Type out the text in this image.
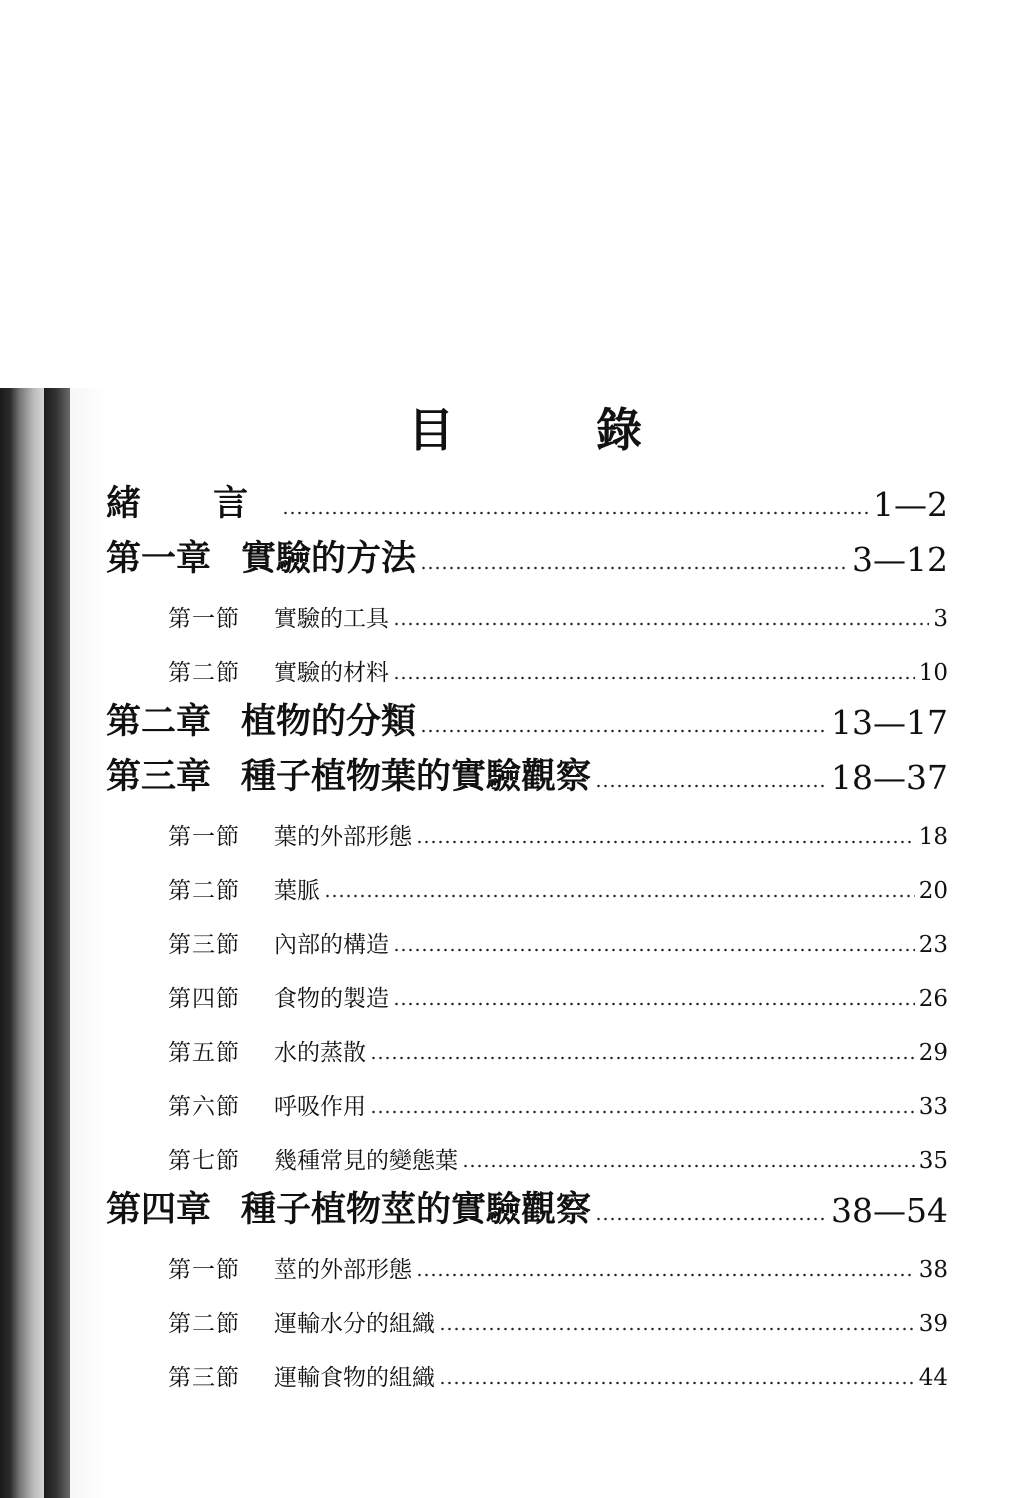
目	錄
緒 言	1—2
第一章 實驗的方法	3—12
第一節 實驗的工具	3
第二節 實驗的材料	10
第二章 植物的分類	13—17
第三章 種子植物葉的實驗觀察	18—37
第一節 葉的外部形態	18
第二節 葉脈	20
第三節 內部的構造	23
第四節 食物的製造	26
第五節 水的蒸散	29
第六節 呼吸作用	33
第七節 幾種常見的變態葉	35
第四章 種子植物莖的實驗觀察	38—54
第一節 莖的外部形態	38
第二節 運輸水分的組織	39
第三節 運輸食物的組織	44
